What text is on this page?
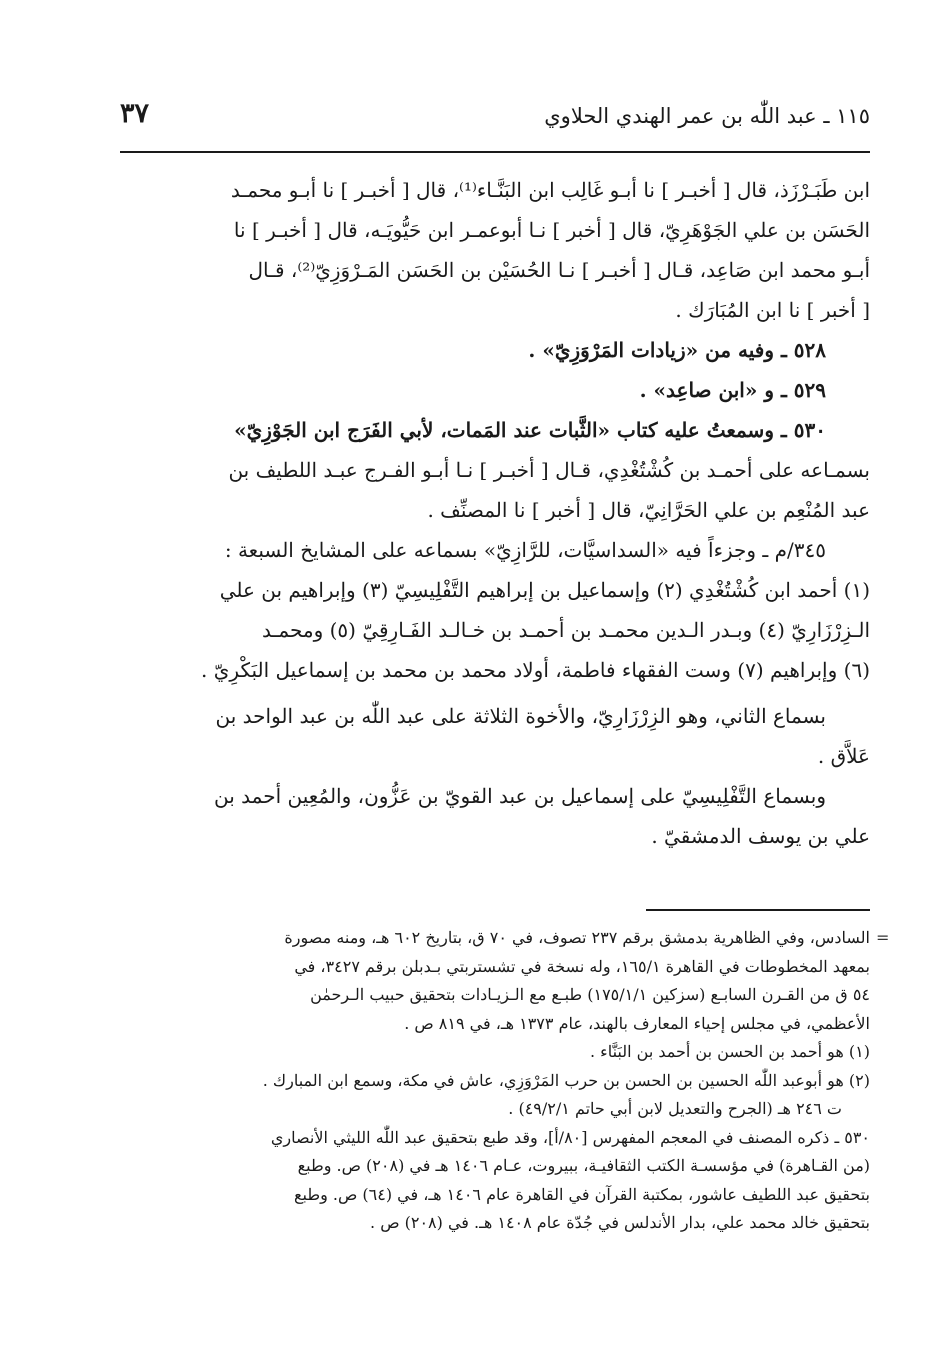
١١٥ ـ عبد اللّٰه بن عمر الهندي الحلاوي
٣٧

ابن طَبَـرْزَذ، قال [ أخبـر ] نا أبـو غَالِب ابن البَنَّـاء⁽¹⁾، قال [ أخبـر ] نا أبـو محمـد

الحَسَن بن علي الجَوْهَرِيّ، قال [ أخبر ] نـا أبوعمـر ابن حَيُّويَـه، قال [ أخبـر ] نا

أبـو محمد ابن صَاعِد، قـال [ أخبـر ] نـا الحُسَيْن بن الحَسَن المَـرْوَزِيّ⁽²⁾، قـال

[ أخبر ] نا ابن المُبَارَك .

٥٢٨ ـ وفيه من «زيادات المَرْوَزِيّ» .

٥٢٩ ـ و «ابن صاعِد» .

٥٣٠ ـ وسمعتُ عليه كتاب «الثَّبات عند المَمات، لأبي الفَرَج ابن الجَوْزِيّ»

بسمـاعه على أحمـد بن كُشْتُغْدِي، قـال [ أخبـر ] نـا أبـو الفـرج عبـد اللطيف بن

عبد المُنْعِم بن علي الحَرَّانِيّ، قال [ أخبر ] نا المصنِّف .

٣٤٥/م ـ وجزءاً فيه «السداسيَّات، للرَّازِيّ» بسماعه على المشايخ السبعة :

(١) أحمد ابن كُشْتُغْدِي (٢) وإسماعيل بن إبراهيم التَّفْلِيسِيّ (٣) وإبراهيم بن علي

الـزِرْزَارِيّ (٤) وبـدر الـدين محمـد بن أحمـد بن خـالـد الفَـارِقِيّ (٥) ومحمـد

(٦) وإبراهيم (٧) وست الفقهاء فاطمة، أولاد محمد بن محمد بن إسماعيل البَكْرِيّ .

بسماع الثاني، وهو الزِرْزَارِيّ، والأخوة الثلاثة على عبد اللّٰه بن عبد الواحد بن

عَلاَّق .

وبسماع التَّفْلِيسِيّ على إسماعيل بن عبد القويّ بن عَزُّون، والمُعِين أحمد بن

علي بن يوسف الدمشقيّ .

=

السادس، وفي الظاهرية بدمشق برقم ٢٣٧ تصوف، في ٧٠ ق، بتاريخ ٦٠٢ هـ، ومنه مصورة

بمعهد المخطوطات في القاهرة ١٦٥/١، وله نسخة في تشستربتي بـدبلن برقم ٣٤٢٧، في

٥٤ ق من القـرن السابـع (سزكين ١٧٥/١/١) طبـع مع الـزيـادات بتحقيق حبيب الـرحمٰن

الأعظمي، في مجلس إحياء المعارف بالهند، عام ١٣٧٣ هـ، في ٨١٩ ص .

(١) هو أحمد بن الحسن بن أحمد بن البَنَّاء .

(٢) هو أبوعبد اللّٰه الحسين بن الحسن بن حرب المَرْوَزِي، عاش في مكة، وسمع ابن المبارك .

ت ٢٤٦ هـ (الجرح والتعديل لابن أبي حاتم ٤٩/٢/١) .

٥٣٠ ـ ذكره المصنف في المعجم المفهرس [٨٠/أ]، وقد طبع بتحقيق عبد اللّٰه الليثي الأنصاري

(من القـاهرة) في مؤسسـة الكتب الثقافيـة، ببيروت، عـام ١٤٠٦ هـ في (٢٠٨) ص. وطبع

بتحقيق عبد اللطيف عاشور، بمكتبة القرآن في القاهرة عام ١٤٠٦ هـ، في (٦٤) ص. وطبع

بتحقيق خالد محمد علي، بدار الأندلس في جُدّة عام ١٤٠٨ هـ. في (٢٠٨) ص .
